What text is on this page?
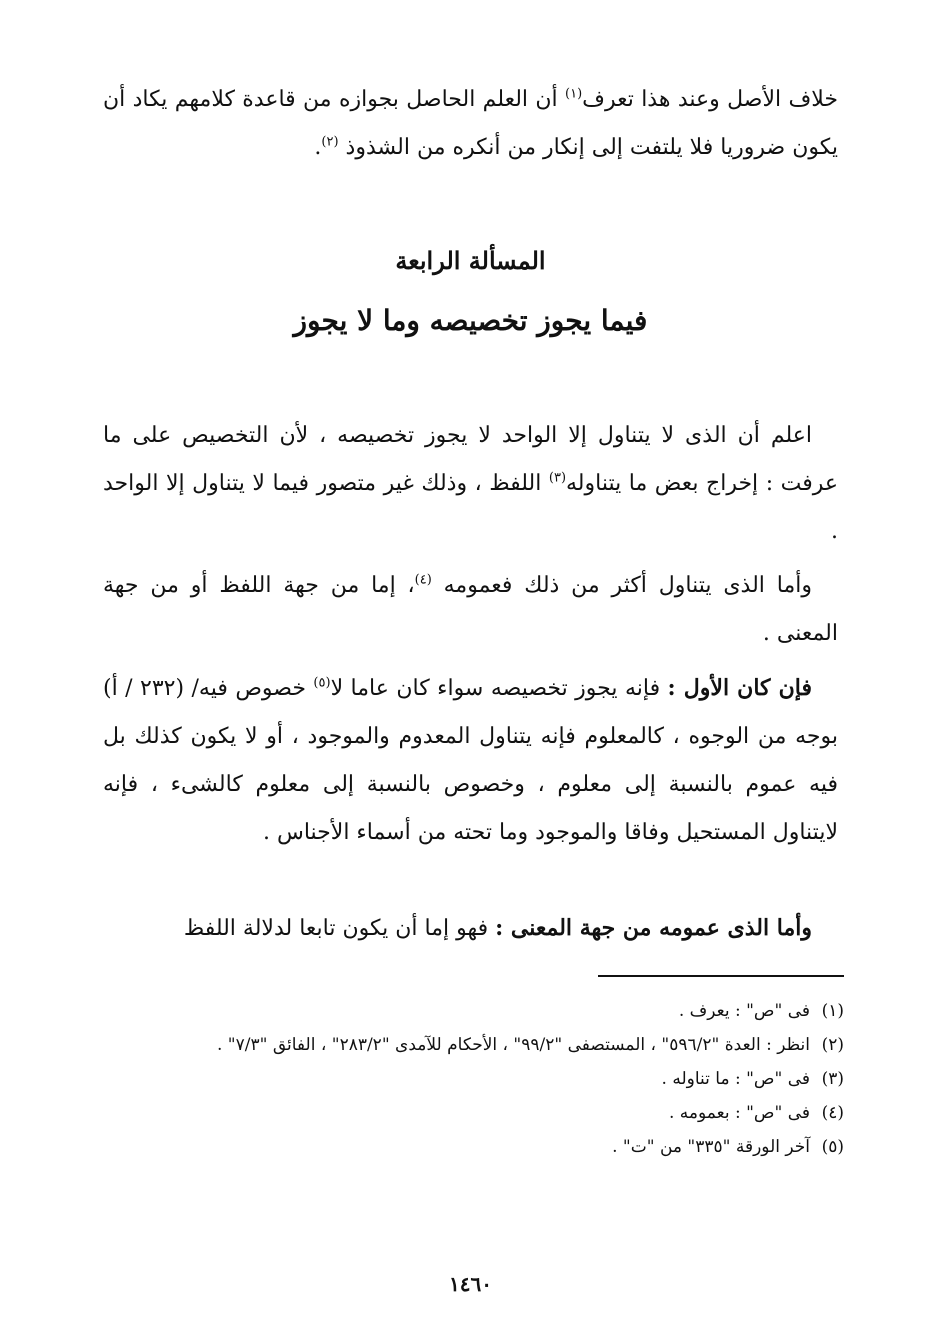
خلاف الأصل وعند هذا تعرف$^{(١)}$ أن العلم الحاصل بجوازه من قاعدة كلامهم يكاد أن يكون ضروريا فلا يلتفت إلى إنكار من أنكره من الشذوذ $^{(٢)}$.
المسألة الرابعة
فيما يجوز تخصيصه وما لا يجوز
اعلم أن الذى لا يتناول إلا الواحد لا يجوز تخصيصه ، لأن التخصيص على ما عرفت : إخراج بعض ما يتناوله$^{(٣)}$ اللفظ ، وذلك غير متصور فيما لا يتناول إلا الواحد .
وأما الذى يتناول أكثر من ذلك فعمومه $^{(٤)}$، إما من جهة اللفظ أو من جهة المعنى .
فإن كان الأول : فإنه يجوز تخصيصه سواء كان عاما لا$^{(٥)}$ خصوص فيه/ (٢٣٢ / أ) بوجه من الوجوه ، كالمعلوم فإنه يتناول المعدوم والموجود ، أو لا يكون كذلك بل فيه عموم بالنسبة إلى معلوم ، وخصوص بالنسبة إلى معلوم كالشىء ، فإنه لايتناول المستحيل وفاقا والموجود وما تحته من أسماء الأجناس .
وأما الذى عمومه من جهة المعنى : فهو إما أن يكون تابعا لدلالة اللفظ
(١)
فى "ص" : يعرف .
(٢)
انظر : العدة "٥٩٦/٢" ، المستصفى "٩٩/٢" ، الأحكام للآمدى "٢٨٣/٢" ، الفائق "٧/٣" .
(٣)
فى "ص" : ما تناوله .
(٤)
فى "ص" : بعمومه .
(٥)
آخر الورقة "٣٣٥" من "ت" .
١٤٦٠
